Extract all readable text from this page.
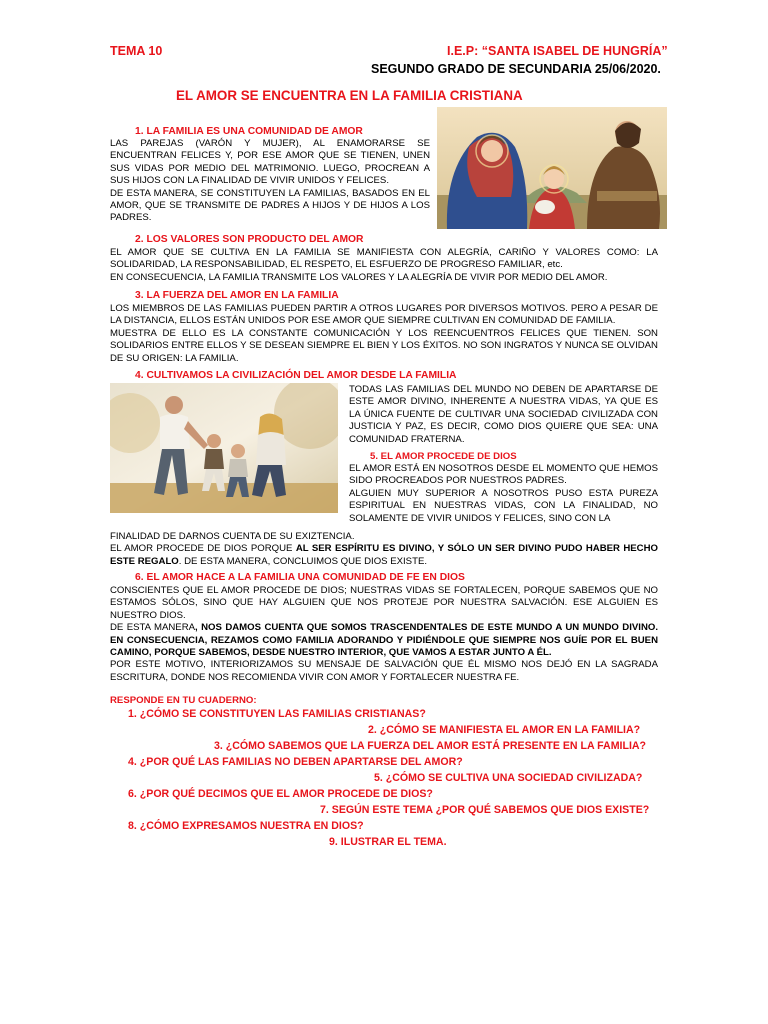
TEMA 10	I.E.P: “SANTA ISABEL DE HUNGRÍA”
SEGUNDO GRADO DE SECUNDARIA 25/06/2020.
EL AMOR SE ENCUENTRA EN LA FAMILIA CRISTIANA
1. LA FAMILIA ES UNA COMUNIDAD DE AMOR

LAS PAREJAS (VARÓN Y MUJER), AL ENAMORARSE SE ENCUENTRAN FELICES Y, POR ESE AMOR QUE SE TIENEN, UNEN SUS VIDAS POR MEDIO DEL MATRIMONIO. LUEGO, PROCREAN A SUS HIJOS CON LA FINALIDAD DE VIVIR UNIDOS Y FELICES.

DE ESTA MANERA, SE CONSTITUYEN LA FAMILIAS, BASADOS EN EL AMOR, QUE SE TRANSMITE DE PADRES A HIJOS Y DE HIJOS A LOS PADRES.

2. LOS VALORES SON PRODUCTO DEL AMOR

EL AMOR QUE SE CULTIVA EN LA FAMILIA SE MANIFIESTA CON ALEGRÍA, CARIÑO Y VALORES COMO: LA SOLIDARIDAD, LA RESPONSABILIDAD, EL RESPETO, EL ESFUERZO DE PROGRESO FAMILIAR, etc.

EN CONSECUENCIA, LA FAMILIA TRANSMITE LOS VALORES Y LA ALEGRÍA DE VIVIR POR MEDIO DEL AMOR.

3. LA FUERZA DEL AMOR EN LA FAMILIA

LOS MIEMBROS DE LAS FAMILIAS PUEDEN PARTIR A OTROS LUGARES POR DIVERSOS MOTIVOS. PERO A PESAR DE LA DISTANCIA, ELLOS ESTÁN UNIDOS POR ESE AMOR QUE SIEMPRE CULTIVAN EN COMUNIDAD DE FAMILIA.

MUESTRA DE ELLO ES LA CONSTANTE COMUNICACIÓN Y LOS REENCUENTROS FELICES QUE TIENEN. SON SOLIDARIOS ENTRE ELLOS Y SE DESEAN SIEMPRE EL BIEN Y LOS ÉXITOS. NO SON INGRATOS Y NUNCA SE OLVIDAN DE SU ORIGEN: LA FAMILIA.

4. CULTIVAMOS LA CIVILIZACIÓN DEL AMOR DESDE LA FAMILIA

TODAS LAS FAMILIAS DEL MUNDO NO DEBEN DE APARTARSE DE ESTE AMOR DIVINO, INHERENTE A NUESTRA VIDAS, YA QUE ES LA ÚNICA FUENTE DE CULTIVAR UNA SOCIEDAD CIVILIZADA CON JUSTICIA Y PAZ, ES DECIR, COMO DIOS QUIERE QUE SEA: UNA COMUNIDAD FRATERNA.

5. EL AMOR PROCEDE DE DIOS

EL AMOR ESTÁ EN NOSOTROS DESDE EL MOMENTO QUE HEMOS SIDO PROCREADOS POR NUESTROS PADRES.

ALGUIEN MUY SUPERIOR A NOSOTROS PUSO ESTA PUREZA ESPIRITUAL EN NUESTRAS VIDAS, CON LA FINALIDAD, NO SOLAMENTE DE VIVIR UNIDOS Y FELICES, SINO CON LA

FINALIDAD DE DARNOS CUENTA DE SU EXIZTENCIA.

EL AMOR PROCEDE DE DIOS PORQUE AL SER ESPÍRITU ES DIVINO, Y SÓLO UN SER DIVINO PUDO HABER HECHO ESTE REGALO. DE ESTA MANERA, CONCLUIMOS QUE DIOS EXISTE.

6. EL AMOR HACE A LA FAMILIA UNA COMUNIDAD DE FE EN DIOS

CONSCIENTES QUE EL AMOR PROCEDE DE DIOS; NUESTRAS VIDAS SE FORTALECEN, PORQUE SABEMOS QUE NO ESTAMOS SÓLOS, SINO QUE HAY ALGUIEN QUE NOS PROTEJE POR NUESTRA SALVACIÓN. ESE ALGUIEN ES NUESTRO DIOS.

DE ESTA MANERA, NOS DAMOS CUENTA QUE SOMOS TRASCENDENTALES DE ESTE MUNDO A UN MUNDO DIVINO. EN CONSECUENCIA, REZAMOS COMO FAMILIA ADORANDO Y PIDIÉNDOLE QUE SIEMPRE NOS GUÍE POR EL BUEN CAMINO, PORQUE SABEMOS, DESDE NUESTRO INTERIOR, QUE VAMOS A ESTAR JUNTO A ÉL.

POR ESTE MOTIVO, INTERIORIZAMOS SU MENSAJE DE SALVACIÓN QUE ÉL MISMO NOS DEJÓ EN LA SAGRADA ESCRITURA, DONDE NOS RECOMIENDA VIVIR CON AMOR Y FORTALECER NUESTRA FE.

RESPONDE EN TU CUADERNO:
1. ¿CÓMO SE CONSTITUYEN LAS FAMILIAS CRISTIANAS?
2. ¿CÓMO SE MANIFIESTA EL AMOR EN LA FAMILIA?
3. ¿CÓMO SABEMOS QUE LA FUERZA DEL AMOR ESTÁ PRESENTE EN LA FAMILIA?
4. ¿POR QUÉ LAS FAMILIAS NO DEBEN APARTARSE DEL AMOR?
5. ¿CÓMO SE CULTIVA UNA SOCIEDAD CIVILIZADA?
6. ¿POR QUÉ DECIMOS QUE EL AMOR PROCEDE DE DIOS?
7. SEGÚN ESTE TEMA ¿POR QUÉ SABEMOS QUE DIOS EXISTE?
8. ¿CÓMO EXPRESAMOS NUESTRA EN DIOS?
9. ILUSTRAR EL TEMA.
